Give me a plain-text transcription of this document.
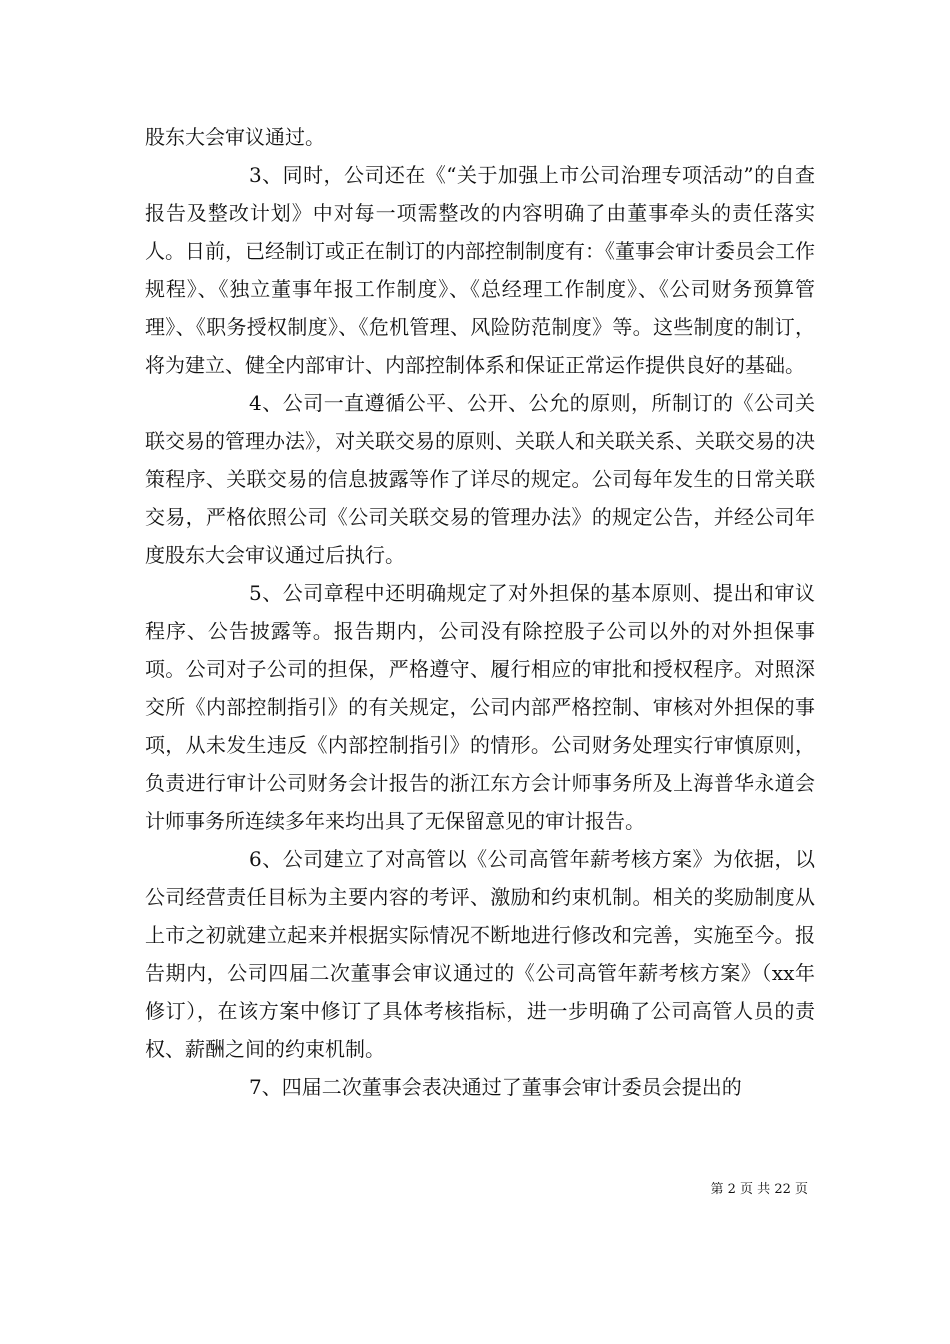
股东大会审议通过。

3、同时，公司还在《“关于加强上市公司治理专项活动”的自查报告及整改计划》中对每一项需整改的内容明确了由董事牵头的责任落实人。日前，已经制订或正在制订的内部控制制度有：《董事会审计委员会工作规程》、《独立董事年报工作制度》、《总经理工作制度》、《公司财务预算管理》、《职务授权制度》、《危机管理、风险防范制度》等。这些制度的制订，将为建立、健全内部审计、内部控制体系和保证正常运作提供良好的基础。

4、公司一直遵循公平、公开、公允的原则，所制订的《公司关联交易的管理办法》，对关联交易的原则、关联人和关联关系、关联交易的决策程序、关联交易的信息披露等作了详尽的规定。公司每年发生的日常关联交易，严格依照公司《公司关联交易的管理办法》的规定公告，并经公司年度股东大会审议通过后执行。

5、公司章程中还明确规定了对外担保的基本原则、提出和审议程序、公告披露等。报告期内，公司没有除控股子公司以外的对外担保事项。公司对子公司的担保，严格遵守、履行相应的审批和授权程序。对照深交所《内部控制指引》的有关规定，公司内部严格控制、审核对外担保的事项，从未发生违反《内部控制指引》的情形。公司财务处理实行审慎原则，负责进行审计公司财务会计报告的浙江东方会计师事务所及上海普华永道会计师事务所连续多年来均出具了无保留意见的审计报告。

6、公司建立了对高管以《公司高管年薪考核方案》为依据，以公司经营责任目标为主要内容的考评、激励和约束机制。相关的奖励制度从上市之初就建立起来并根据实际情况不断地进行修改和完善，实施至今。报告期内，公司四届二次董事会审议通过的《公司高管年薪考核方案》（xx年修订），在该方案中修订了具体考核指标，进一步明确了公司高管人员的责权、薪酬之间的约束机制。

7、四届二次董事会表决通过了董事会审计委员会提出的

第 2 页 共 22 页
